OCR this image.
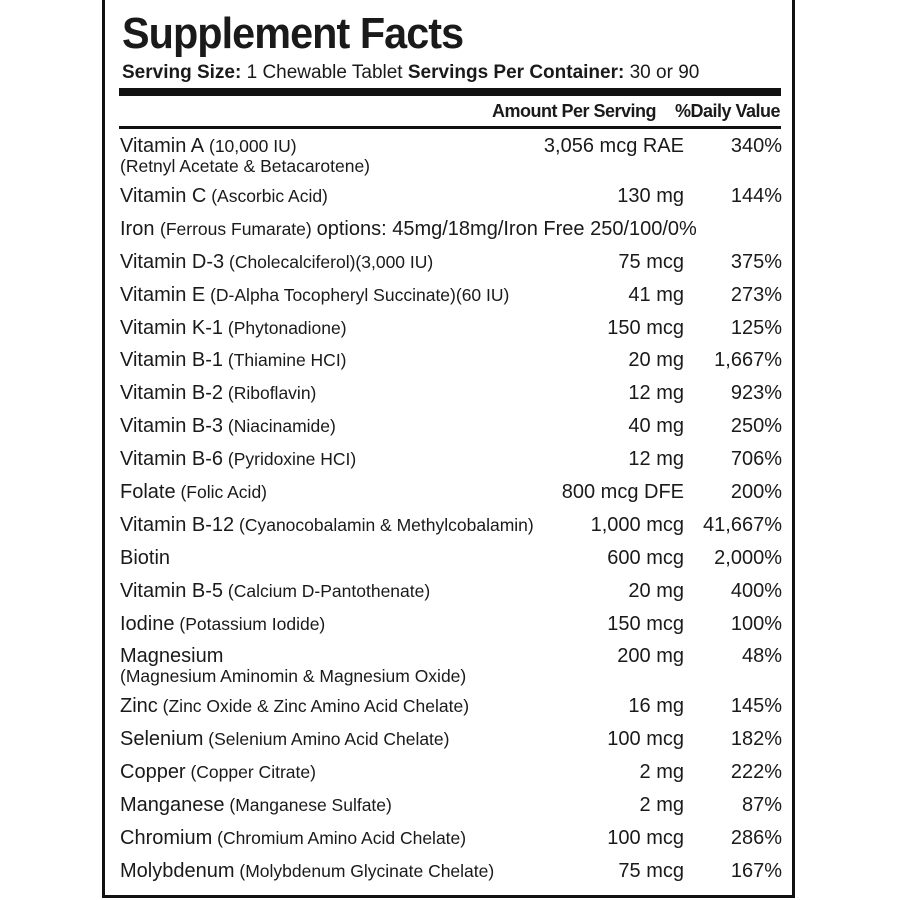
Supplement Facts
Serving Size: 1 Chewable Tablet Servings Per Container: 30 or 90
Amount Per Serving %Daily Value
Vitamin A (10,000 IU)
(Retnyl Acetate & Betacarotene)
3,056 mcg RAE 340%
Vitamin C (Ascorbic Acid)	130 mg 144%
Iron (Ferrous Fumarate) options: 45mg/18mg/Iron Free 250/100/0%
Vitamin D-3 (Cholecalciferol)(3,000 IU)	75 mcg 375%
Vitamin E (D-Alpha Tocopheryl Succinate)(60 IU)	41 mg 273%
Vitamin K-1 (Phytonadione)	150 mcg 125%
Vitamin B-1 (Thiamine HCI)	20 mg 1,667%
Vitamin B-2 (Riboflavin)	12 mg 923%
Vitamin B-3 (Niacinamide)	40 mg 250%
Vitamin B-6 (Pyridoxine HCI)	12 mg 706%
Folate (Folic Acid)	800 mcg DFE 200%
Vitamin B-12 (Cyanocobalamin & Methylcobalamin)	1,000 mcg 41,667%
Biotin	600 mcg 2,000%
Vitamin B-5 (Calcium D-Pantothenate)	20 mg 400%
Iodine (Potassium Iodide)	150 mcg 100%
Magnesium
(Magnesium Aminomin & Magnesium Oxide)
200 mg	48%
Zinc (Zinc Oxide & Zinc Amino Acid Chelate)	16 mg 145%
Selenium (Selenium Amino Acid Chelate)	100 mcg 182%
Copper (Copper Citrate)	2 mg 222%
Manganese (Manganese Sulfate)	2 mg	87%
Chromium (Chromium Amino Acid Chelate)	100 mcg 286%
Molybdenum (Molybdenum Glycinate Chelate)	75 mcg 167%
